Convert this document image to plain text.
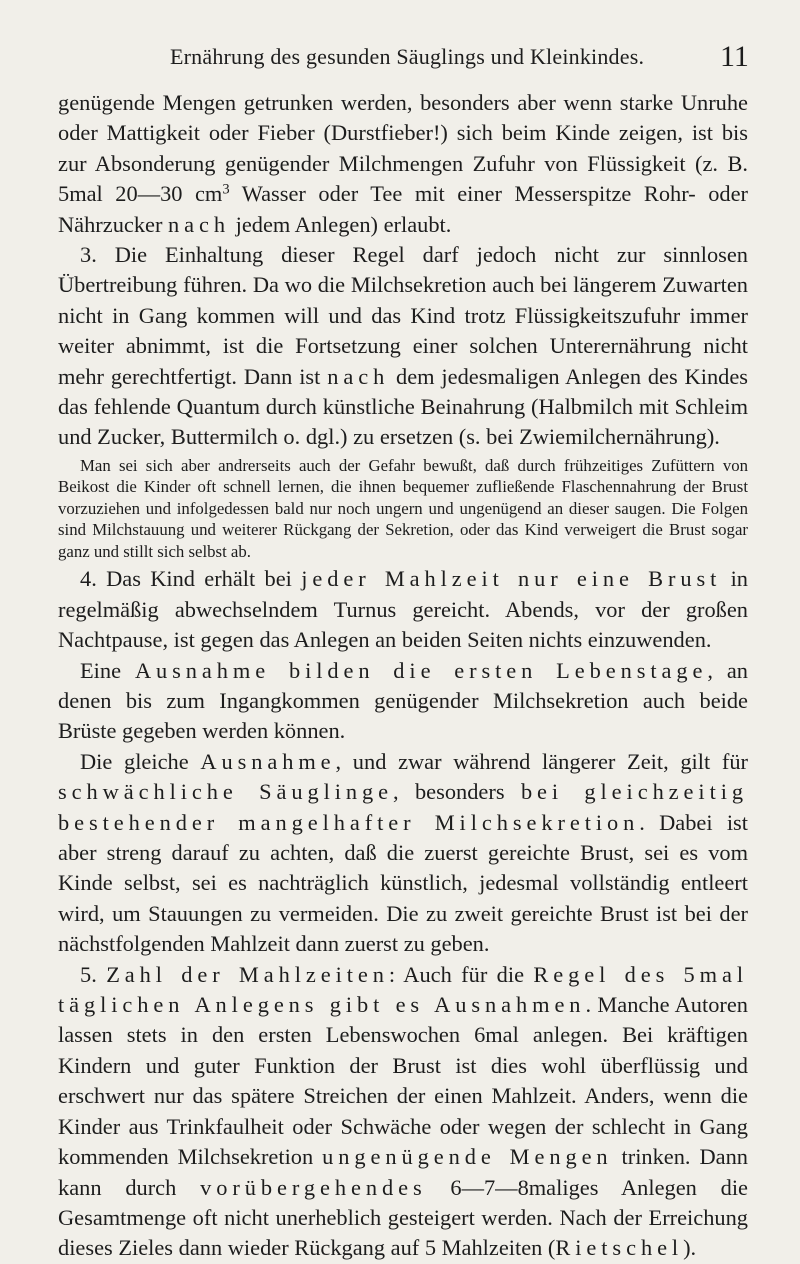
Ernährung des gesunden Säuglings und Kleinkindes.	11

genügende Mengen getrunken werden, besonders aber wenn starke Unruhe oder Mattigkeit oder Fieber (Durstfieber!) sich beim Kinde zeigen, ist bis zur Absonderung genügender Milchmengen Zufuhr von Flüssigkeit (z. B. 5mal 20—30 $cm^3$ Wasser oder Tee mit einer Messerspitze Rohr- oder Nährzucker nach jedem Anlegen) erlaubt.

3. Die Einhaltung dieser Regel darf jedoch nicht zur sinnlosen Übertreibung führen. Da wo die Milchsekretion auch bei längerem Zuwarten nicht in Gang kommen will und das Kind trotz Flüssigkeitszufuhr immer weiter abnimmt, ist die Fortsetzung einer solchen Unterernährung nicht mehr gerechtfertigt. Dann ist nach dem jedesmaligen Anlegen des Kindes das fehlende Quantum durch künstliche Beinahrung (Halbmilch mit Schleim und Zucker, Buttermilch o. dgl.) zu ersetzen (s. bei Zwiemilchernährung).

Man sei sich aber andrerseits auch der Gefahr bewußt, daß durch frühzeitiges Zufüttern von Beikost die Kinder oft schnell lernen, die ihnen bequemer zufließende Flaschennahrung der Brust vorzuziehen und infolgedessen bald nur noch ungern und ungenügend an dieser saugen. Die Folgen sind Milchstauung und weiterer Rückgang der Sekretion, oder das Kind verweigert die Brust sogar ganz und stillt sich selbst ab.

4. Das Kind erhält bei jeder Mahlzeit nur eine Brust in regelmäßig abwechselndem Turnus gereicht. Abends, vor der großen Nachtpause, ist gegen das Anlegen an beiden Seiten nichts einzuwenden.

Eine Ausnahme bilden die ersten Lebenstage, an denen bis zum Ingangkommen genügender Milchsekretion auch beide Brüste gegeben werden können.

Die gleiche Ausnahme, und zwar während längerer Zeit, gilt für schwächliche Säuglinge, besonders bei gleichzeitig bestehender mangelhafter Milchsekretion. Dabei ist aber streng darauf zu achten, daß die zuerst gereichte Brust, sei es vom Kinde selbst, sei es nachträglich künstlich, jedesmal vollständig entleert wird, um Stauungen zu vermeiden. Die zu zweit gereichte Brust ist bei der nächstfolgenden Mahlzeit dann zuerst zu geben.

5. Zahl der Mahlzeiten: Auch für die Regel des 5mal täglichen Anlegens gibt es Ausnahmen. Manche Autoren lassen stets in den ersten Lebenswochen 6mal anlegen. Bei kräftigen Kindern und guter Funktion der Brust ist dies wohl überflüssig und erschwert nur das spätere Streichen der einen Mahlzeit. Anders, wenn die Kinder aus Trinkfaulheit oder Schwäche oder wegen der schlecht in Gang kommenden Milchsekretion ungenügende Mengen trinken. Dann kann durch vorübergehendes 6—7—8maliges Anlegen die Gesamtmenge oft nicht unerheblich gesteigert werden. Nach der Erreichung dieses Zieles dann wieder Rückgang auf 5 Mahlzeiten (Rietschel).
